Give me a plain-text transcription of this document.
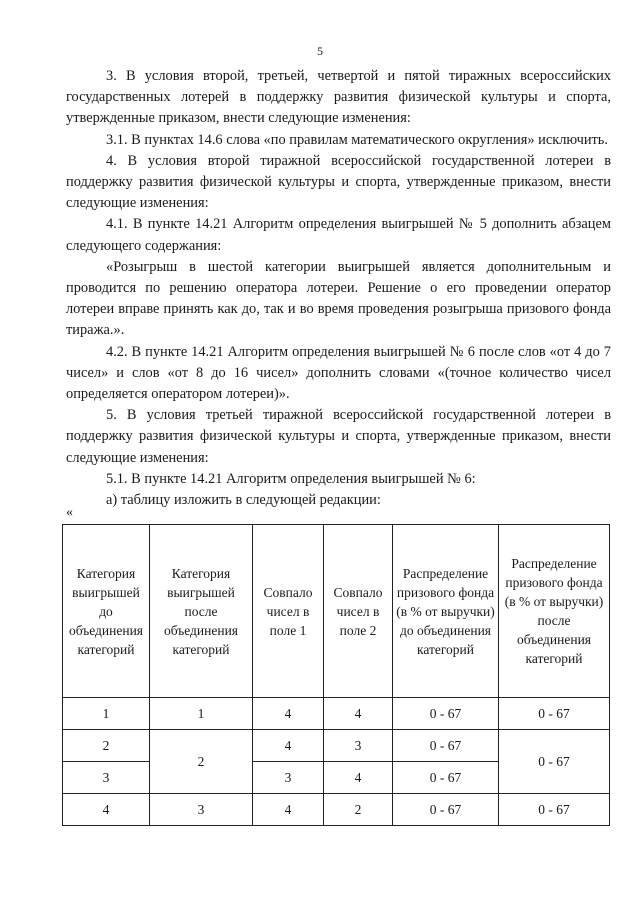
5

3. В условия второй, третьей, четвертой и пятой тиражных всероссийских государственных лотерей в поддержку развития физической культуры и спорта, утвержденные приказом, внести следующие изменения:

3.1. В пунктах 14.6 слова «по правилам математического округления» исключить.

4. В условия второй тиражной всероссийской государственной лотереи в поддержку развития физической культуры и спорта, утвержденные приказом, внести следующие изменения:

4.1. В пункте 14.21 Алгоритм определения выигрышей № 5 дополнить абзацем следующего содержания:

«Розыгрыш в шестой категории выигрышей является дополнительным и проводится по решению оператора лотереи. Решение о его проведении оператор лотереи вправе принять как до, так и во время проведения розыгрыша призового фонда тиража.».

4.2. В пункте 14.21 Алгоритм определения выигрышей № 6 после слов «от 4 до 7 чисел» и слов «от 8 до 16 чисел» дополнить словами «(точное количество чисел определяется оператором лотереи)».

5. В условия третьей тиражной всероссийской государственной лотереи в поддержку развития физической культуры и спорта, утвержденные приказом, внести следующие изменения:

5.1. В пункте 14.21 Алгоритм определения выигрышей № 6:

а) таблицу изложить в следующей редакции:

«
Категория выигрышей до объединения категорий	Категория выигрышей после объединения категорий	Совпало чисел в поле 1	Совпало чисел в поле 2	Распределение призового фонда (в % от выручки) до объединения категорий	Распределение призового фонда (в % от выручки) после объединения категорий
1	1	4	4	0 - 67	0 - 67
2	2	4	3	0 - 67	0 - 67
3		3	4	0 - 67	
4	3	4	2	0 - 67	0 - 67
